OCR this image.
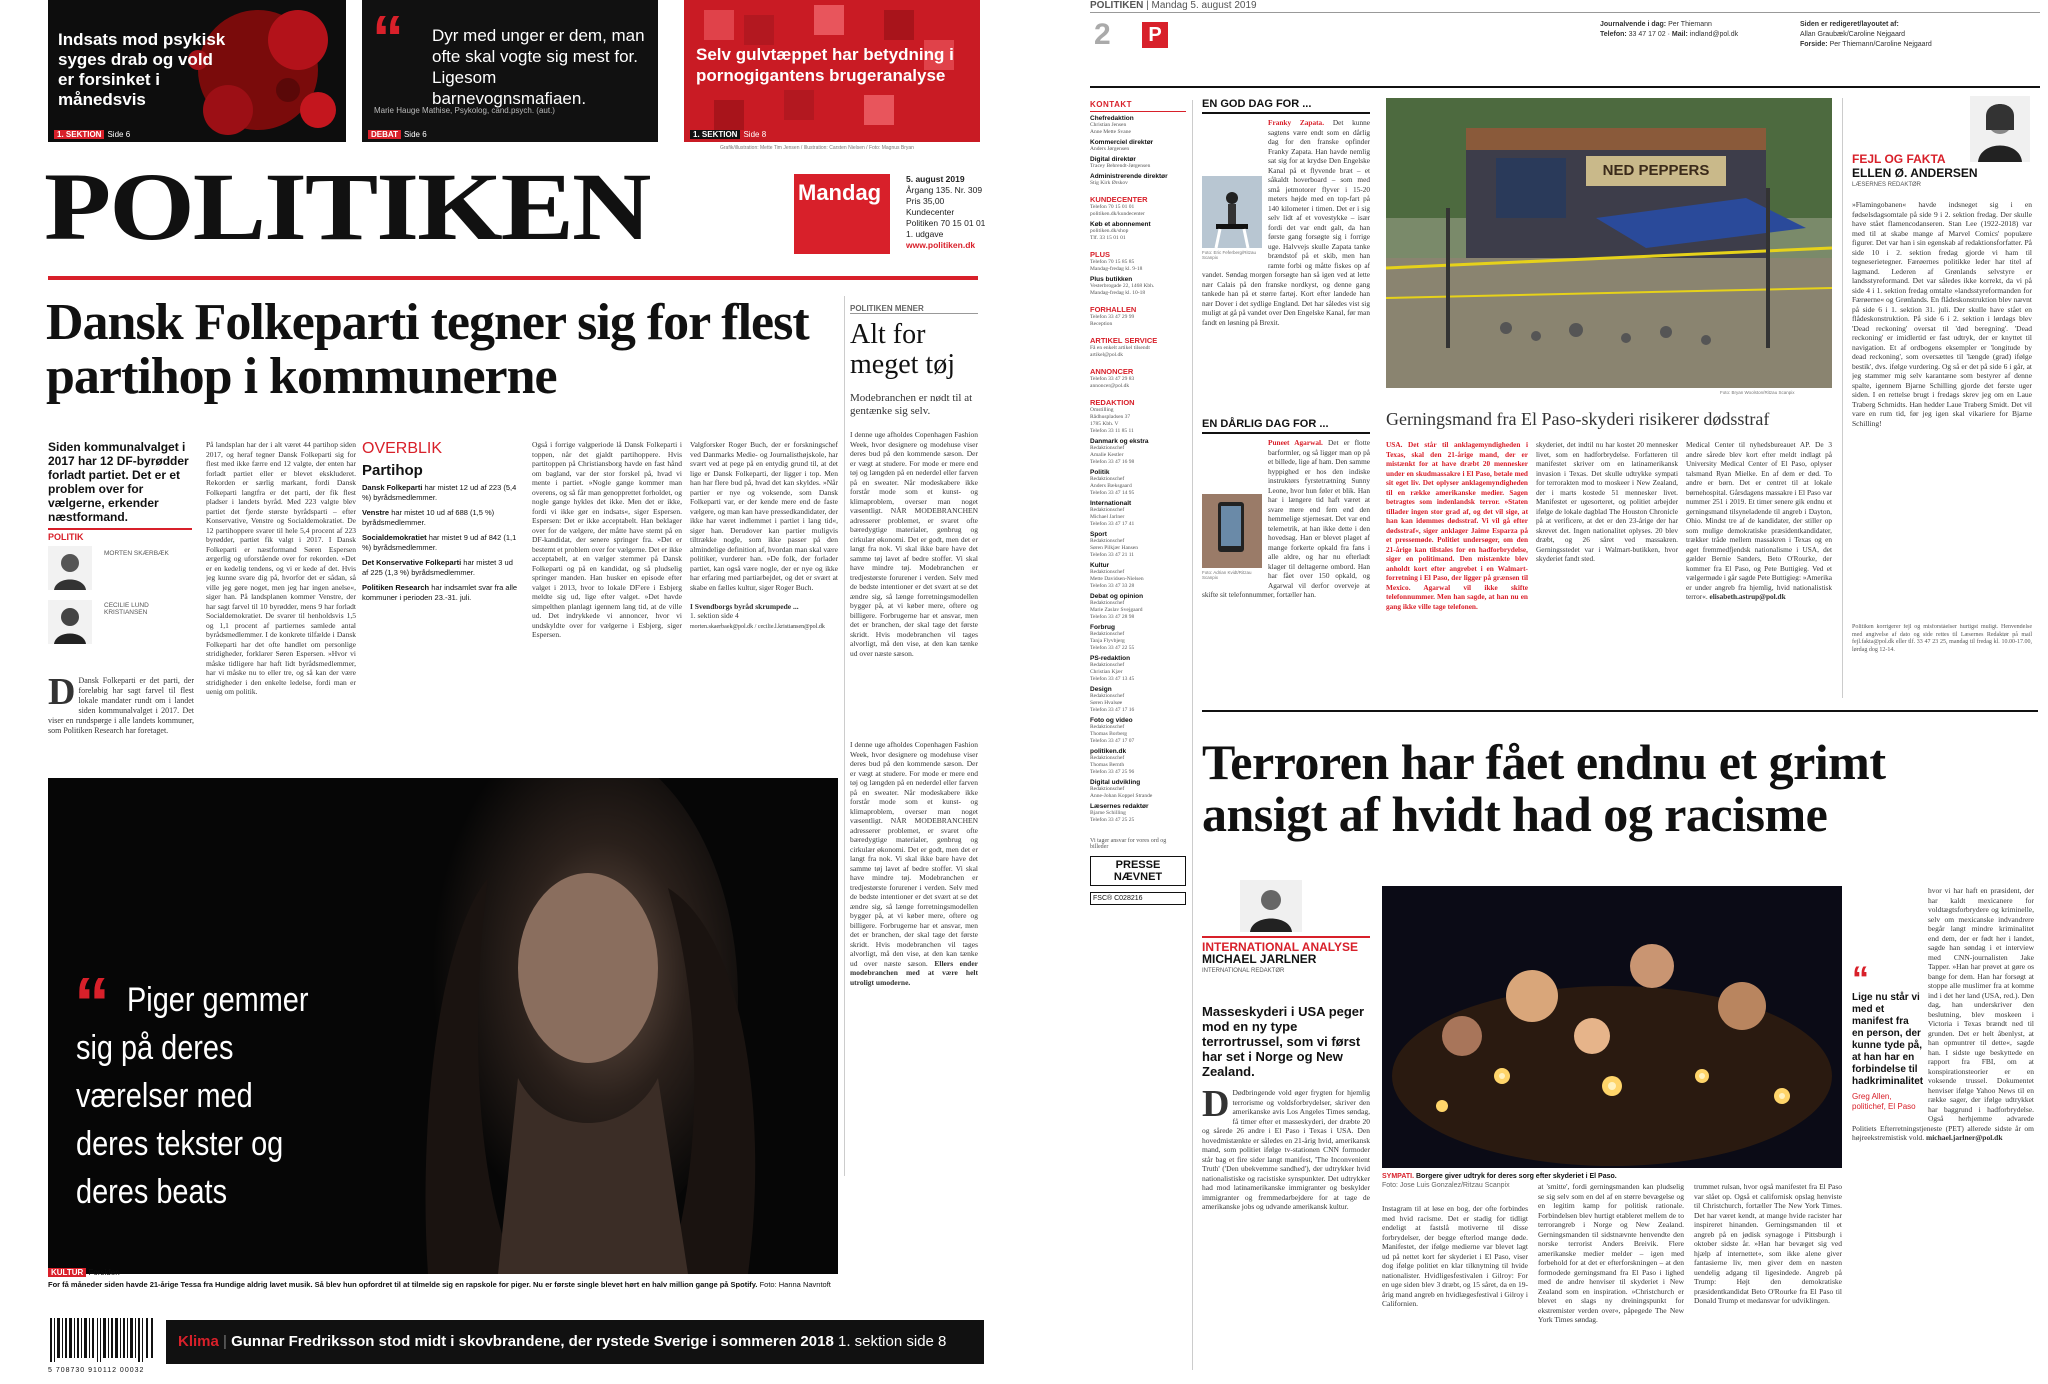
Indsats mod psykisk syges drab og vold er forsinket i månedsvis
1. SEKTION Side 6
“ Dyr med unger er dem, man ofte skal vogte sig mest for. Ligesom barnevognsmafiaen.
Marie Hauge Mathise, Psykolog, cand.psych. (aut.)
DEBAT Side 6
Selv gulvtæppet har betydning i pornogigantens brugeranalyse
1. SEKTION Side 8
Grafik/illustration: Mette Tim Jensen / Illustration: Carsten Nielsen / Foto: Magnus Bryan
POLITIKEN	Mandag
5. august 2019
Årgang 135. Nr. 309
Pris 35,00
Kundecenter
Politiken 70 15 01 01
1. udgave
www.politiken.dk
Dansk Folkeparti tegner sig for flest partihop i kommunerne
Siden kommunalvalget i 2017 har 12 DF-byrødder forladt partiet. Det er et problem over for vælgerne, erkender næstformand.
POLITIK
MORTEN SKÆRBÆK
CECILIE LUND KRISTIANSEN
D Dansk Folkeparti er det parti, der foreløbig har sagt farvel til flest lokale mandater rundt om i landet siden kommunalvalget i 2017. Det viser en rundspørge i alle landets kommuner, som Politiken Research har foretaget.
På landsplan har der i alt været 44 partihop siden 2017, og heraf tegner Dansk Folkeparti sig for flest med ikke færre end 12 valgte, der enten har forladt partiet eller er blevet ekskluderet. Rekorden er særlig markant, fordi Dansk Folkeparti langtfra er det parti, der fik flest pladser i landets byråd. Med 223 valgte blev partiet det fjerde største byrådsparti – efter Konservative, Venstre og Socialdemokratiet. De 12 partihoppere svarer til hele 5,4 procent af 223 byrødder, partiet fik valgt i 2017. I Dansk Folkeparti er næstformand Søren Espersen ærgerlig og uforstående over for rekorden. »Det er en kedelig tendens, og vi er kede af det. Hvis jeg kunne svare dig på, hvorfor det er sådan, så ville jeg gøre noget, men jeg har ingen anelse«, siger han. På landsplanen kommer Venstre, der har sagt farvel til 10 byrødder, mens 9 har forladt Socialdemokratiet. De svarer til henholdsvis 1,5 og 1,1 procent af partiernes samlede antal byrådsmedlemmer. I de konkrete tilfælde i Dansk Folkeparti har det ofte handlet om personlige stridigheder, forklarer Søren Espersen. »Hvor vi måske tidligere har haft lidt byrådsmedlemmer, har vi måske nu to eller tre, og så kan der være stridigheder i den enkelte ledelse, fordi man er uenig om politik.
OVERBLIK
Partihop
Dansk Folkeparti har mistet 12 ud af 223 (5,4 %) byrådsmedlemmer.
Venstre har mistet 10 ud af 688 (1,5 %) byrådsmedlemmer.
Socialdemokratiet har mistet 9 ud af 842 (1,1 %) byrådsmedlemmer.
Det Konservative Folkeparti har mistet 3 ud af 225 (1,3 %) byrådsmedlemmer.
Politiken Research har indsamlet svar fra alle kommuner i perioden 23.-31. juli.
Også i forrige valgperiode lå Dansk Folkeparti i toppen, når det gjaldt partihoppere. Hvis partitoppen på Christiansborg havde en fast hånd om bagland, var der stor forskel på, hvad vi mente i partiet. »Nogle gange kommer man overens, og så får man genopprettet forholdet, og nogle gange hykles det ikke. Men det er ikke, fordi vi ikke gør en indsats«, siger Espersen. Espersen: Det er ikke acceptabelt. Han beklager over for de vælgere, der måtte have stemt på en DF-kandidat, der senere springer fra. »Det er bestemt et problem over for vælgerne. Det er ikke acceptabelt, at en vælger stemmer på Dansk Folkeparti og på en kandidat, og så pludselig springer manden. Han husker en episode efter valget i 2013, hvor to lokale DF'ere i Esbjerg meldte sig ud, lige efter valget. »Det havde simpelthen planlagt igennem lang tid, at de ville ud. Det indrykkede vi annoncer, hvor vi undskyldte over for vælgerne i Esbjerg, siger Espersen.
Valgforsker Roger Buch, der er forskningschef ved Danmarks Medie- og Journalisthøjskole, har svært ved at pege på en entydig grund til, at det lige er Dansk Folkeparti, der ligger i top. Men han har flere bud på, hvad det kan skyldes. »Når partier er nye og voksende, som Dansk Folkeparti var, er der kende mere end de faste vælgere, og man kan have pressedkandidater, der ikke har været indlemmet i partiet i lang tid«, siger han. Derudover kan partier muligvis tiltrække nogle, som ikke passer på den almindelige definition af, hvordan man skal være politiker, vurderer han. »De folk, der forlader partiet, kan også være nogle, der er nye og ikke har erfaring med partiarbejdet, og det er svært at skabe en fælles kultur, siger Roger Buch.

I Svendborgs byråd skrumpede ...
1. sektion side 4
morten.skaerbaek@pol.dk / cecilie.l.kristiansen@pol.dk
POLITIKEN MENER
Alt for meget tøj
Modebranchen er nødt til at gentænke sig selv.
I denne uge afholdes Copenhagen Fashion Week, hvor designere og modehuse viser deres bud på den kommende sæson. Der er vægt at studere. For mode er mere end tøj og længden på en nederdel eller farven på en sweater. Når modeskabere ikke forstår mode som et kunst- og klimaproblem, overser man noget væsentligt. NÅR MODEBRANCHEN adresserer problemet, er svaret ofte bæredygtige materialer, genbrug og cirkulær økonomi. Det er godt, men det er langt fra nok. Vi skal ikke bare have det samme tøj lavet af bedre stoffer. Vi skal have mindre tøj. Modebranchen er tredjestørste forurener i verden. Selv med de bedste intentioner er det svært at se det ændre sig, så længe forretningsmodellen bygger på, at vi køber mere, oftere og billigere. Forbrugerne har et ansvar, men det er branchen, der skal tage det første skridt. Hvis modebranchen vil tages alvorligt, må den vise, at den kan tænke ud over næste sæson.
I denne uge afholdes Copenhagen Fashion Week, hvor designere og modehuse viser deres bud på den kommende sæson. Der er vægt at studere. For mode er mere end tøj og længden på en nederdel eller farven på en sweater. Når modeskabere ikke forstår mode som et kunst- og klimaproblem, overser man noget væsentligt. NÅR MODEBRANCHEN adresserer problemet, er svaret ofte bæredygtige materialer, genbrug og cirkulær økonomi. Det er godt, men det er langt fra nok. Vi skal ikke bare have det samme tøj lavet af bedre stoffer. Vi skal have mindre tøj. Modebranchen er tredjestørste forurener i verden. Selv med de bedste intentioner er det svært at se det ændre sig, så længe forretningsmodellen bygger på, at vi køber mere, oftere og billigere. Forbrugerne har et ansvar, men det er branchen, der skal tage det første skridt. Hvis modebranchen vil tages alvorligt, må den vise, at den kan tænke ud over næste sæson. Ellers ender modebranchen med at være helt utroligt umoderne.
“ Piger gemmer sig på deres værelser med deres tekster og deres beats
KULTUR Forsiden
For få måneder siden havde 21-årige Tessa fra Hundige aldrig lavet musik. Så blev hun opfordret til at tilmelde sig en rapskole for piger. Nu er første single blevet hørt en halv million gange på Spotify. Foto: Hanna Navntoft
5 708730 910112 00032
Klima | Gunnar Fredriksson stod midt i skovbrandene, der rystede Sverige i sommeren 2018 1. sektion side 8
POLITIKEN | Mandag 5. august 2019
2	P	Journalvende i dag: Per Thiemann
Telefon: 33 47 17 02 · Mail: indland@pol.dk
Siden er redigeret/layoutet af:
Allan Graubæk/Caroline Nejgaard
Forside: Per Thiemann/Caroline Nejgaard
KONTAKT
Chefredaktion
Christian Jensen
Anne Mette Svane
Kommerciel direktør
Anders Jørgensen
Digital direktør
Tracey Behrendt-Jørgensen
Administrerende direktør
Stig Kirk Ørskov
KUNDECENTER
Telefon 70 15 01 01
politiken.dk/kundecenter
Køb et abonnement
politiken.dk/shop
Tlf. 33 15 01 01
PLUS
Telefon 70 15 85 85
Mandag-fredag kl. 9-18
Plus butikken
Vesterbrogade 22, 1468 Kbh.
Mandag-fredag kl. 10-18
FORHALLEN
Telefon 33 47 29 99
Reception
ARTIKEL SERVICE
Få en enkelt artikel tilsendt
artikel@pol.dk
ANNONCER
Telefon 33 47 29 83
annoncer@pol.dk
REDAKTION
Omstilling
Rådhuspladsen 37
1785 Kbh. V
Telefon 33 11 85 11
Danmark og ekstra
Redaktionschef
Amalie Kestler
Telefon 33 47 16 98
Politik
Redaktionschef
Anders Bæksgaard
Telefon 33 47 14 95
Internationalt
Redaktionschef
Michael Jarlner
Telefon 33 47 17 41
Sport
Redaktionschef
Søren Pilkjær Hansen
Telefon 33 47 21 11
Kultur
Redaktionschef
Mette Davidsen-Nielsen
Telefon 33 47 33 28
Debat og opinion
Redaktionschef
Marie Zaslav Svejgaard
Telefon 33 47 28 98
Forbrug
Redaktionschef
Tanja Flyvbjerg
Telefon 33 47 22 55
PS-redaktion
Redaktionschef
Christian Kjær
Telefon 33 47 13 45
Design
Redaktionschef
Søren Hvalsøe
Telefon 33 47 17 16
Foto og video
Redaktionschef
Thomas Borberg
Telefon 33 47 17 07
politiken.dk
Redaktionschef
Thomas Bernth
Telefon 33 47 25 96
Digital udvikling
Redaktionschef
Anne-Johan Koppel Strande
Læsernes redaktør
Bjarne Schilling
Telefon 33 47 25 25
Vi tager ansvar for vores ord og billeder
PRESSE NÆVNET
FSC® C028216
EN GOD DAG FOR ...
Foto: Eric Feferberg/Ritzau Scanpix
Franky Zapata. Det kunne sagtens være endt som en dårlig dag for den franske opfinder Franky Zapata. Han havde nemlig sat sig for at krydse Den Engelske Kanal på et flyvende bræt – et såkaldt hoverboard – som med små jetmotorer flyver i 15-20 meters højde med en top-fart på 140 kilometer i timen. Det er i sig selv lidt af et vovestykke – især fordi det var endt galt, da han første gang forsøgte sig i forrige uge. Halvvejs skulle Zapata tanke brændstof på et skib, men han ramte forbi og måtte fiskes op af vandet. Søndag morgen forsøgte han så igen ved at lette nær Calais på den franske nordkyst, og denne gang tankede han på et større fartøj. Kort efter landede han nær Dover i det sydlige England. Det har således vist sig muligt at gå på vandet over Den Engelske Kanal, før man fandt en løsning på Brexit.
EN DÅRLIG DAG FOR ...
Foto: Adrian Kvidt/Ritzau Scanpix
Puneet Agarwal. Det er flotte barformler, og så ligger man op på et billede, lige af ham. Den samme hyppighed er hos den indiske instruktørs fyrstetrætning Sunny Leone, hvor hun føler et blik. Han har i længere tid haft været at svare mere end fem end den hemmelige stjernesæt. Det var end telemetrik, at han ikke dette i den hovedsag. Han er blevet plaget af mange forkerte opkald fra fans i alle aldre, og har nu efterladt klager til deltagerne ombord. Han har fået over 150 opkald, og Agarwal vil derfor overveje at skifte sit telefonnummer, fortæller han.
NED PEPPERS
Foto: Bryan Woolston/Ritzau Scanpix
Gerningsmand fra El Paso-skyderi risikerer dødsstraf
USA. Det står til anklagemyndigheden i Texas, skal den 21-årige mand, der er mistænkt for at have dræbt 20 mennesker under en skudmassakre i El Paso, betale med sit eget liv. Det oplyser anklagemyndigheden til en række amerikanske medier. Sagen betragtes som indenlandsk terror. »Staten tillader ingen stor grad af, og det vil sige, at han kan idømmes dødsstraf. Vi vil gå efter dødsstraf«, siger anklager Jaime Esparza på et pressemøde. Politiet undersøger, om den 21-årige kan tilstales for en hadforbrydelse, siger en politimand. Den mistænkte blev anholdt kort efter angrebet i en Walmart-forretning i El Paso, der ligger på grænsen til Mexico. Agarwal vil ikke skifte telefonnummer. Men han sagde, at han nu en gang ikke ville tage telefonen.
skyderiet, det indtil nu har kostet 20 mennesker livet, som en hadforbrydelse. Forfatteren til manifestet skriver om en latinamerikansk invasion i Texas. Det skulle udtrykke sympati for terrorakten mod to moskeer i New Zealand, der i marts kostede 51 mennesker livet. Manifestet er ugesorteret, og politiet arbejder ifølge de lokale dagblad The Houston Chronicle på at verificere, at det er den 23-årige der har skrevet det. Ingen nationalitet oplyses. 20 blev dræbt, og 26 såret ved massakren. Gerningsstedet var i Walmart-butikken, hvor skyderiet fandt sted.
Medical Center til nyhedsbureauet AP. De 3 andre sårede blev kort efter meldt indlagt på University Medical Center of El Paso, oplyser talsmand Ryan Mielke. En af dem er død. To andre er børn. Det er centret til at lokale børnehospital. Gårsdagens massakre i El Paso var nummer 251 i 2019. Et timer senere gik endnu et gerningsmand tilsyneladende til angreb i Dayton, Ohio. Mindst tre af de kandidater, der stiller op som mulige demokratiske præsidentkandidater, trækker tråde mellem massakren i Texas og en øget fremmedfjendsk nationalisme i USA, det gælder Bernie Sanders, Beto O'Rourke, der kommer fra El Paso, og Pete Buttigieg. Ved et vælgermøde i går sagde Pete Buttigieg: »Amerika er under angreb fra hjemlig, hvid nationalistisk terror«. elisabeth.astrup@pol.dk
FEJL OG FAKTA
ELLEN Ø. ANDERSEN
LÆSERNES REDAKTØR
»Flamingobanen« havde indsneget sig i en fødselsdagsomtale på side 9 i 2. sektion fredag. Der skulle have stået flamencodanseren. Stan Lee (1922-2018) var med til at skabe mange af Marvel Comics' populære figurer. Det var han i sin egenskab af redaktionsforfatter. På side 10 i 2. sektion fredag gjorde vi ham til tegneserietegner. Færøernes politikke leder har titel af lagmand. Lederen af Grønlands selvstyre er landsstyreformand. Det var således ikke korrekt, da vi på side 4 i 1. sektion fredag omtalte »landsstyreformanden for Færøerne« og Grønlands. En flådeskonstruktion blev nævnt på side 6 i 1. sektion 31. juli. Der skulle have stået en flådeskonstruktion. På side 6 i 2. sektion i lørdags blev 'Dead reckoning' oversat til 'død beregning'. 'Dead reckoning' er imidlertid er fast udtryk, der er knyttet til navigation. Et af ordbogens eksempler er 'longitude by dead reckoning', som oversættes til 'længde (grad) ifølge bestik', dvs. ifølge vurdering. Og så er det på side 6 i går, at jeg stammer mig selv karantæne som bestyrer af denne spalte, igennem Bjarne Schilling gjorde det første uger siden. I en rettelse brugt i fredags skrev jeg om en Laue Traberg Schmidts. Han hedder Laue Traberg Smidt. Det vil vare en rum tid, før jeg igen skal vikariere for Bjarne Schilling!
Politiken korrigerer fejl og misforståelser hurtigst muligt. Henvendelse med angivelse af dato og side rettes til Læsernes Redaktør på mail fejl.fakta@pol.dk eller tlf. 33 47 23 25, mandag til fredag kl. 10.00-17.00, lørdag dog 12-14.
Terroren har fået endnu et grimt ansigt af hvidt had og racisme
INTERNATIONAL ANALYSE
MICHAEL JARLNER
INTERNATIONAL REDAKTØR
Masseskyderi i USA peger mod en ny type terrortrussel, som vi først har set i Norge og New Zealand.
D Dødbringende vold øger frygten for hjemlig terrorisme og voldsforbrydelser, skriver den amerikanske avis Los Angeles Times søndag, få timer efter et masseskyderi, der dræbte 20 og sårede 26 andre i El Paso i Texas i USA. Den hovedmistænkte er således en 21-årig hvid, amerikansk mand, som politiet ifølge tv-stationen CNN formoder står bag et fire sider langt manifest, 'The Inconvenient Truth' ('Den ubekvemme sandhed'), der udtrykker hvid nationalistiske og racistiske synspunkter. Det udtrykker had mod latinamerikanske immigranter og beskylder immigranter og fremmedarbejdere for at tage de amerikanske jobs og udvande amerikansk kultur.
SYMPATI. Borgere giver udtryk for deres sorg efter skyderiet i El Paso.
Foto: Jose Luis Gonzalez/Ritzau Scanpix
Instagram til at løse en bog, der ofte forbindes med hvid racisme. Det er stadig for tidligt endeligt at fastslå motiverne til disse forbrydelser, der begge efterlod mange døde. Manifestet, der ifølge medierne var blevet lagt ud på nettet kort før skyderiet i El Paso, viser dog ifølge politiet en klar tilknytning til hvide nationalister. Hvidligesfestivalen i Gilroy: For en uge siden blev 3 dræbt, og 15 såret, da en 19-årig mand angreb en hvidlægesfestival i Gilroy i Californien.
at 'smitte', fordi gerningsmanden kan pludselig se sig selv som en del af en større bevægelse og en legitim kamp for politisk rationale. Forbindelsen blev hurtigt etableret mellem de to terrorangreb i Norge og New Zealand. Gerningsmanden til sidstnævnte henvendte den norske terrorist Anders Breivik. Flere amerikanske medier melder – igen med forbehold for at det er efterforskningen – at den formodede gerningsmand fra El Paso i lighed med de andre henviser til skyderiet i New Zealand som en inspiration. »Christchurch er blevet en slags ny dreiningspunkt for ekstremister verden over«, påpegede The New York Times søndag.
trummet rulsan, hvor også manifestet fra El Paso var slået op. Også et californisk opslag henviste til Christchurch, fortæller The New York Times. Det har været kendt, at mange hvide racister har inspireret hinanden. Gerningsmanden til et angreb på en jødisk synagoge i Pittsburgh i oktober sidste år. »Han har bevæget sig ved hjælp af internettet«, som ikke alene giver fantasierne liv, men giver dem en næsten uendelig adgang til ligesindede. Angreb på Trump: Højt den demokratiske præsidentkandidat Beto O'Rourke fra El Paso til Donald Trump et medansvar for udviklingen.
“
Lige nu står vi med et manifest fra en person, der kunne tyde på, at han har en forbindelse til hadkriminalitet
Greg Allen, politichef, El Paso
hvor vi har haft en præsident, der har kaldt mexicanere for voldtægtsforbrydere og kriminelle, selv om mexicanske indvandrere begår langt mindre kriminalitet end dem, der er født her i landet, sagde han søndag i et interview med CNN-journalisten Jake Tapper. »Han har prøvet at gøre os bange for dem. Han har forsøgt at stoppe alle muslimer fra at komme ind i det her land (USA, red.). Den dag, han underskriver den beslutning, blev moskeen i Victoria i Texas brændt ned til grunden. Det er helt åbenlyst, at han opmuntrer til dette«, sagde han. I sidste uge beskyttede en rapport fra FBI, om at konspirationsteorier er en voksende trussel. Dokumentet henviser ifølge Yahoo News til en række sager, der ifølge udtrykket har baggrund i hadforbrydelse. Også herhjemme advarede Politiets Efterretningstjeneste (PET) allerede sidste år om højreekstremistisk vold. michael.jarlner@pol.dk
